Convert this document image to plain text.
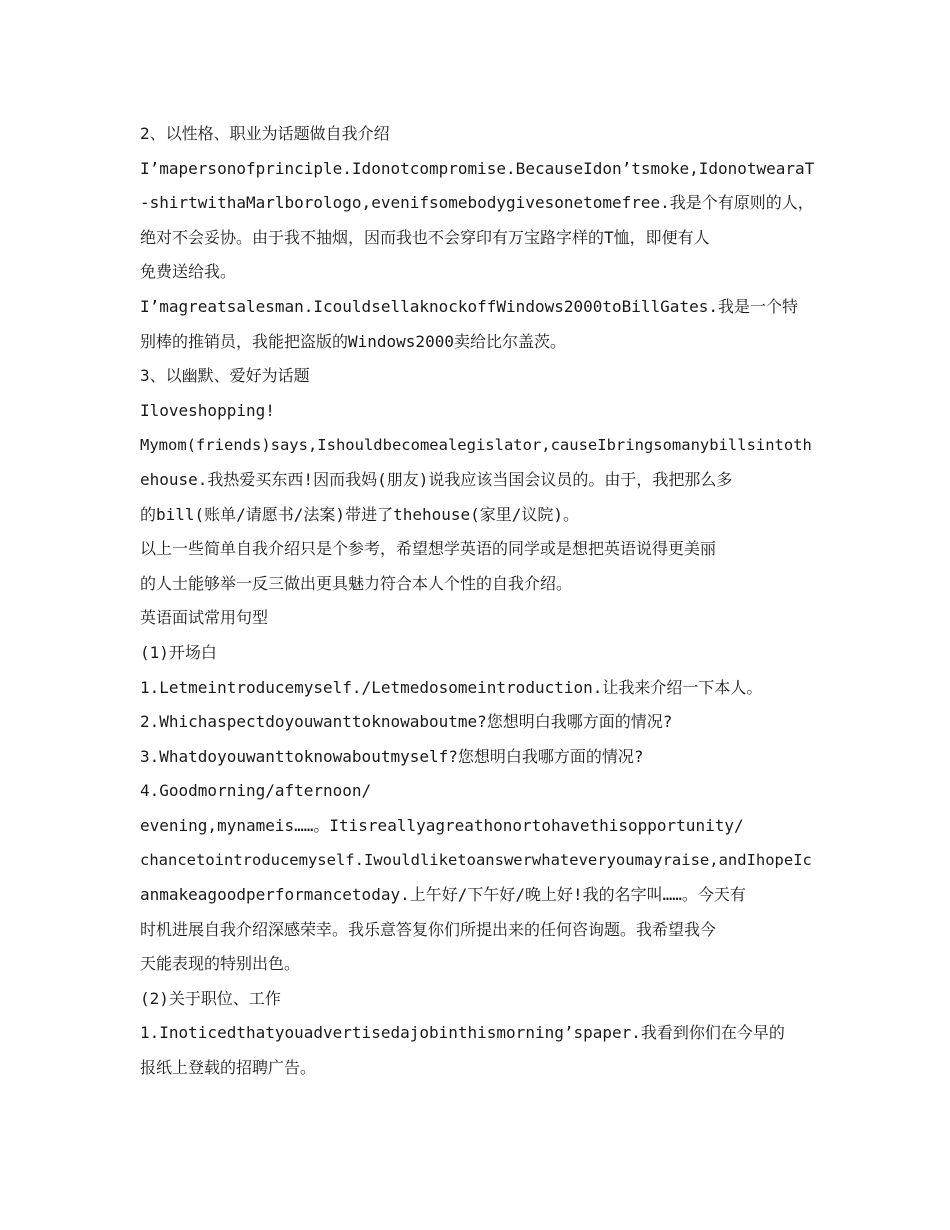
2、以性格、职业为话题做自我介绍
I’mapersonofprinciple.Idonotcompromise.BecauseIdon’tsmoke,IdonotwearaT
-shirtwithaMarlborologo,evenifsomebodygivesonetomefree.我是个有原则的人，
绝对不会妥协。由于我不抽烟，因而我也不会穿印有万宝路字样的T恤，即便有人
免费送给我。
I’magreatsalesman.IcouldsellaknockoffWindows2000toBillGates.我是一个特
别棒的推销员，我能把盗版的Windows2000卖给比尔盖茨。
3、以幽默、爱好为话题
Iloveshopping!
Mymom(friends)says,Ishouldbecomealegislator,causeIbringsomanybillsintoth
ehouse.我热爱买东西!因而我妈(朋友)说我应该当国会议员的。由于，我把那么多
的bill(账单/请愿书/法案)带进了thehouse(家里/议院)。
以上一些简单自我介绍只是个参考，希望想学英语的同学或是想把英语说得更美丽
的人士能够举一反三做出更具魅力符合本人个性的自我介绍。
英语面试常用句型
(1)开场白
1.Letmeintroducemyself./Letmedosomeintroduction.让我来介绍一下本人。
2.Whichaspectdoyouwanttoknowaboutme?您想明白我哪方面的情况?
3.Whatdoyouwanttoknowaboutmyself?您想明白我哪方面的情况?
4.Goodmorning/afternoon/
evening,mynameis……。Itisreallyagreathonortohavethisopportunity/
chancetointroducemyself.Iwouldliketoanswerwhateveryoumayraise,andIhopeIc
anmakeagoodperformancetoday.上午好/下午好/晚上好!我的名字叫……。今天有
时机进展自我介绍深感荣幸。我乐意答复你们所提出来的任何咨询题。我希望我今
天能表现的特别出色。
(2)关于职位、工作
1.Inoticedthatyouadvertisedajobinthismorning’spaper.我看到你们在今早的
报纸上登载的招聘广告。
